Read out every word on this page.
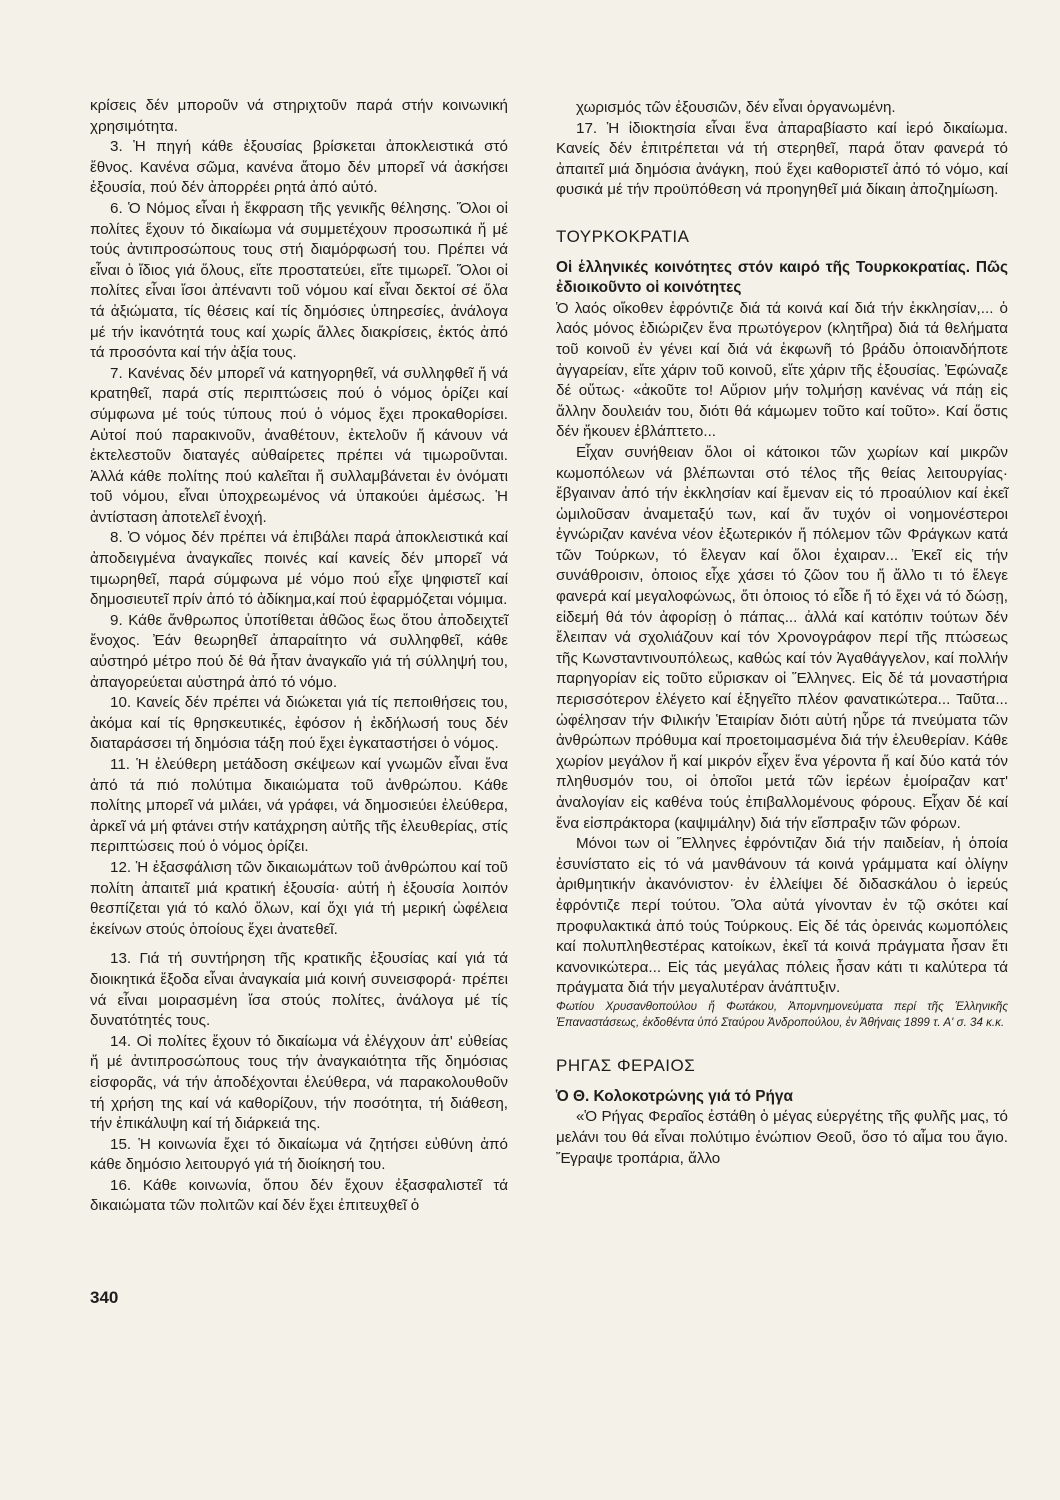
κρίσεις δέν μποροῦν νά στηριχτοῦν παρά στήν κοινωνική χρησιμότητα.

3. Ἡ πηγή κάθε ἐξουσίας βρίσκεται ἀποκλειστικά στό ἔθνος. Κανένα σῶμα, κανένα ἄτομο δέν μπορεῖ νά ἀσκήσει ἐξουσία, πού δέν ἀπορρέει ρητά ἀπό αὐτό.

6. Ὁ Νόμος εἶναι ἡ ἔκφραση τῆς γενικῆς θέλησης. Ὅλοι οἱ πολίτες ἔχουν τό δικαίωμα νά συμμετέχουν προσωπικά ἤ μέ τούς ἀντιπροσώπους τους στή διαμόρφωσή του. Πρέπει νά εἶναι ὁ ἴδιος γιά ὅλους, εἴτε προστατεύει, εἴτε τιμωρεῖ. Ὅλοι οἱ πολίτες εἶναι ἴσοι ἀπέναντι τοῦ νόμου καί εἶναι δεκτοί σέ ὅλα τά ἀξιώματα, τίς θέσεις καί τίς δημόσιες ὑπηρεσίες, ἀνάλογα μέ τήν ἱκανότητά τους καί χωρίς ἄλλες διακρίσεις, ἐκτός ἀπό τά προσόντα καί τήν ἀξία τους.

7. Κανένας δέν μπορεῖ νά κατηγορηθεῖ, νά συλληφθεῖ ἤ νά κρατηθεῖ, παρά στίς περιπτώσεις πού ὁ νόμος ὁρίζει καί σύμφωνα μέ τούς τύπους πού ὁ νόμος ἔχει προκαθορίσει. Αὐτοί πού παρακινοῦν, ἀναθέτουν, ἐκτελοῦν ἤ κάνουν νά ἐκτελεστοῦν διαταγές αὐθαίρετες πρέπει νά τιμωροῦνται. Ἀλλά κάθε πολίτης πού καλεῖται ἤ συλλαμβάνεται ἐν ὀνόματι τοῦ νόμου, εἶναι ὑποχρεωμένος νά ὑπακούει ἀμέσως. Ἡ ἀντίσταση ἀποτελεῖ ἐνοχή.

8. Ὁ νόμος δέν πρέπει νά ἐπιβάλει παρά ἀποκλειστικά καί ἀποδειγμένα ἀναγκαῖες ποινές καί κανείς δέν μπορεῖ νά τιμωρηθεῖ, παρά σύμφωνα μέ νόμο πού εἶχε ψηφιστεῖ καί δημοσιευτεῖ πρίν ἀπό τό ἀδίκημα,καί πού ἐφαρμόζεται νόμιμα.

9. Κάθε ἄνθρωπος ὑποτίθεται ἀθῶος ἕως ὅτου ἀποδειχτεῖ ἔνοχος. Ἐάν θεωρηθεῖ ἀπαραίτητο νά συλληφθεῖ, κάθε αὐστηρό μέτρο πού δέ θά ἦταν ἀναγκαῖο γιά τή σύλληψή του, ἀπαγορεύεται αὐστηρά ἀπό τό νόμο.

10. Κανείς δέν πρέπει νά διώκεται γιά τίς πεποιθήσεις του, ἀκόμα καί τίς θρησκευτικές, ἐφόσον ἡ ἐκδήλωσή τους δέν διαταράσσει τή δημόσια τάξη πού ἔχει ἐγκαταστήσει ὁ νόμος.

11. Ἡ ἐλεύθερη μετάδοση σκέψεων καί γνωμῶν εἶναι ἕνα ἀπό τά πιό πολύτιμα δικαιώματα τοῦ ἀνθρώπου. Κάθε πολίτης μπορεῖ νά μιλάει, νά γράφει, νά δημοσιεύει ἐλεύθερα, ἀρκεῖ νά μή φτάνει στήν κατάχρηση αὐτῆς τῆς ἐλευθερίας, στίς περιπτώσεις πού ὁ νόμος ὁρίζει.

12. Ἡ ἐξασφάλιση τῶν δικαιωμάτων τοῦ ἀνθρώπου καί τοῦ πολίτη ἀπαιτεῖ μιά κρατική ἐξουσία· αὐτή ἡ ἐξουσία λοιπόν θεσπίζεται γιά τό καλό ὅλων, καί ὄχι γιά τή μερική ὠφέλεια ἐκείνων στούς ὁποίους ἔχει ἀνατεθεῖ.

13. Γιά τή συντήρηση τῆς κρατικῆς ἐξουσίας καί γιά τά διοικητικά ἔξοδα εἶναι ἀναγκαία μιά κοινή συνεισφορά· πρέπει νά εἶναι μοιρασμένη ἴσα στούς πολίτες, ἀνάλογα μέ τίς δυνατότητές τους.

14. Οἱ πολίτες ἔχουν τό δικαίωμα νά ἐλέγχουν ἀπ' εὐθείας ἤ μέ ἀντιπροσώπους τους τήν ἀναγκαιότητα τῆς δημόσιας εἰσφορᾶς, νά τήν ἀποδέχονται ἐλεύθερα, νά παρακολουθοῦν τή χρήση της καί νά καθορίζουν, τήν ποσότητα, τή διάθεση, τήν ἐπικάλυψη καί τή διάρκειά της.

15. Ἡ κοινωνία ἔχει τό δικαίωμα νά ζητήσει εὐθύνη ἀπό κάθε δημόσιο λειτουργό γιά τή διοίκησή του.

16. Κάθε κοινωνία, ὅπου δέν ἔχουν ἐξασφαλιστεῖ τά δικαιώματα τῶν πολιτῶν καί δέν ἔχει ἐπιτευχθεῖ ὁ

340

χωρισμός τῶν ἐξουσιῶν, δέν εἶναι ὀργανωμένη.

17. Ἡ ἰδιοκτησία εἶναι ἕνα ἀπαραβίαστο καί ἱερό δικαίωμα. Κανείς δέν ἐπιτρέπεται νά τή στερηθεῖ, παρά ὅταν φανερά τό ἀπαιτεῖ μιά δημόσια ἀνάγκη, πού ἔχει καθοριστεῖ ἀπό τό νόμο, καί φυσικά μέ τήν προϋπόθεση νά προηγηθεῖ μιά δίκαιη ἀποζημίωση.

ΤΟΥΡΚΟΚΡΑΤΙΑ

Οἱ ἑλληνικές κοινότητες στόν καιρό τῆς Τουρκοκρατίας. Πῶς ἐδιοικοῦντο οἱ κοινότητες

Ὁ λαός οἴκοθεν ἐφρόντιζε διά τά κοινά καί διά τήν ἐκκλησίαν,... ὁ λαός μόνος ἐδιώριζεν ἕνα πρωτόγερον (κλητῆρα) διά τά θελήματα τοῦ κοινοῦ ἐν γένει καί διά νά ἐκφωνῆ τό βράδυ ὁποιανδήποτε ἀγγαρείαν, εἴτε χάριν τοῦ κοινοῦ, εἴτε χάριν τῆς ἐξουσίας. Ἐφώναζε δέ οὕτως· «ἀκοῦτε το! Αὔριον μήν τολμήσῃ κανένας νά πάῃ εἰς ἄλλην δουλειάν του, διότι θά κάμωμεν τοῦτο καί τοῦτο». Καί ὅστις δέν ἤκουεν ἐβλάπτετο...

Εἶχαν συνήθειαν ὅλοι οἱ κάτοικοι τῶν χωρίων καί μικρῶν κωμοπόλεων νά βλέπωνται στό τέλος τῆς θείας λειτουργίας· ἔβγαιναν ἀπό τήν ἐκκλησίαν καί ἔμεναν εἰς τό προαύλιον καί ἐκεῖ ὡμιλοῦσαν ἀναμεταξύ των, καί ἄν τυχόν οἱ νοημονέστεροι ἐγνώριζαν κανένα νέον ἐξωτερικόν ἤ πόλεμον τῶν Φράγκων κατά τῶν Τούρκων, τό ἔλεγαν καί ὅλοι ἐχαιραν... Ἐκεῖ εἰς τήν συνάθροισιν, ὁποιος εἶχε χάσει τό ζῶον του ἤ ἄλλο τι τό ἔλεγε φανερά καί μεγαλοφώνως, ὅτι ὁποιος τό εἶδε ἤ τό ἔχει νά τό δώσῃ, εἰδεμή θά τόν ἀφορίσῃ ὁ πάπας... ἀλλά καί κατόπιν τούτων δέν ἔλειπαν νά σχολιάζουν καί τόν Χρονογράφον περί τῆς πτώσεως τῆς Κωνσταντινουπόλεως, καθώς καί τόν Ἀγαθάγγελον, καί πολλήν παρηγορίαν εἰς τοῦτο εὕρισκαν οἱ Ἕλληνες. Εἰς δέ τά μοναστήρια περισσότερον ἐλέγετο καί ἐξηγεῖτο πλέον φανατικώτερα... Ταῦτα... ὠφέλησαν τήν Φιλικήν Ἑταιρίαν διότι αὐτή ηὗρε τά πνεύματα τῶν ἀνθρώπων πρόθυμα καί προετοιμασμένα διά τήν ἐλευθερίαν. Κάθε χωρίον μεγάλον ἤ καί μικρόν εἶχεν ἕνα γέροντα ἤ καί δύο κατά τόν πληθυσμόν του, οἱ ὁποῖοι μετά τῶν ἱερέων ἐμοίραζαν κατ' ἀναλογίαν εἰς καθένα τούς ἐπιβαλλομένους φόρους. Εἶχαν δέ καί ἕνα εἰσπράκτορα (καψιμάλην) διά τήν εἴσπραξιν τῶν φόρων.

Μόνοι των οἱ Ἕλληνες ἐφρόντιζαν διά τήν παιδείαν, ἡ ὁποία ἐσυνίστατο εἰς τό νά μανθάνουν τά κοινά γράμματα καί ὀλίγην ἀριθμητικήν ἀκανόνιστον· ἐν ἐλλείψει δέ διδασκάλου ὁ ἱερεύς ἐφρόντιζε περί τούτου. Ὅλα αὐτά γίνονταν ἐν τῷ σκότει καί προφυλακτικά ἀπό τούς Τούρκους. Εἰς δέ τάς ὀρεινάς κωμοπόλεις καί πολυπληθεστέρας κατοίκων, ἐκεῖ τά κοινά πράγματα ἦσαν ἔτι κανονικώτερα... Εἰς τάς μεγάλας πόλεις ἦσαν κάτι τι καλύτερα τά πράγματα διά τήν μεγαλυτέραν ἀνάπτυξιν.

Φωτίου Χρυσανθοπούλου ἤ Φωτάκου, Ἀπομνημονεύματα περί τῆς Ἑλληνικῆς Ἐπαναστάσεως, ἐκδοθέντα ὑπό Σταύρου Ἀνδροπούλου, ἐν Ἀθήναις 1899 τ. Α' σ. 34 κ.κ.

ΡΗΓΑΣ ΦΕΡΑΙΟΣ

Ὁ Θ. Κολοκοτρώνης γιά τό Ρήγα

«Ὁ Ρήγας Φεραῖος ἐστάθη ὁ μέγας εὐεργέτης τῆς φυλῆς μας, τό μελάνι του θά εἶναι πολύτιμο ἐνώπιον Θεοῦ, ὅσο τό αἷμα του ἅγιο. Ἔγραψε τροπάρια, ἄλλο
